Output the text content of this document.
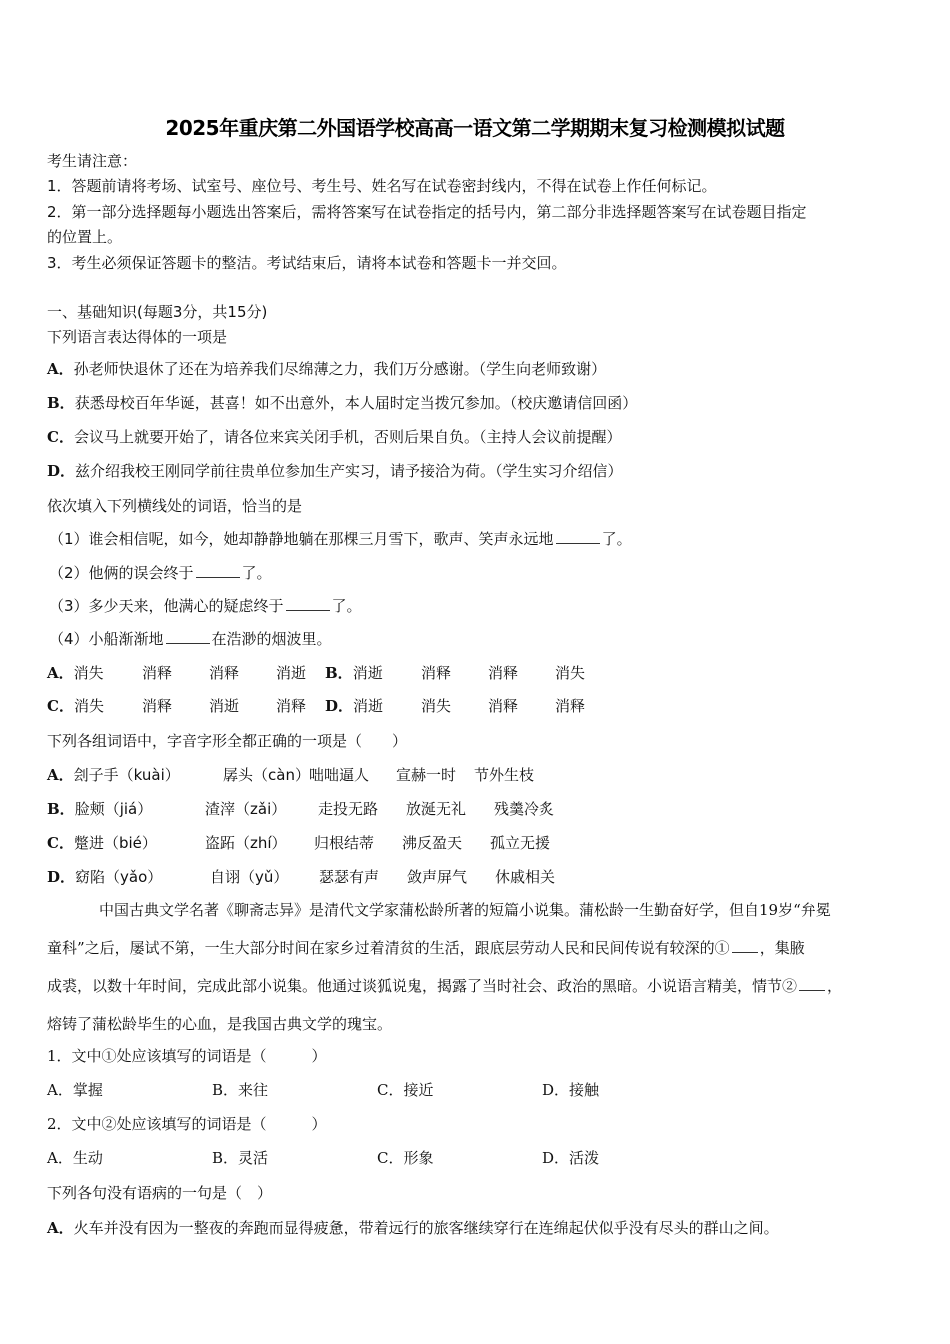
2025年重庆第二外国语学校高高一语文第二学期期末复习检测模拟试题
考生请注意：
1．答题前请将考场、试室号、座位号、考生号、姓名写在试卷密封线内，不得在试卷上作任何标记。
2．第一部分选择题每小题选出答案后，需将答案写在试卷指定的括号内，第二部分非选择题答案写在试卷题目指定
的位置上。
3．考生必须保证答题卡的整洁。考试结束后，请将本试卷和答题卡一并交回。
一、基础知识(每题3分，共15分)
下列语言表达得体的一项是
A．孙老师快退休了还在为培养我们尽绵薄之力，我们万分感谢。（学生向老师致谢）
B．获悉母校百年华诞，甚喜！如不出意外，本人届时定当拨冗参加。（校庆邀请信回函）
C．会议马上就要开始了，请各位来宾关闭手机，否则后果自负。（主持人会议前提醒）
D．兹介绍我校王刚同学前往贵单位参加生产实习，请予接洽为荷。（学生实习介绍信）
依次填入下列横线处的词语，恰当的是
（1）谁会相信呢，如今，她却静静地躺在那棵三月雪下，歌声、笑声永远地	了。
（2）他俩的误会终于	了。
（3）多少天来，他满心的疑虑终于	了。
（4）小船渐渐地	在浩渺的烟波里。
A．消失	消释 消释 消逝 B．消逝	消释 消释 消失
C．消失	消释 消逝 消释 D．消逝	消失 消释 消释
下列各组词语中，字音字形全都正确的一项是（　　）
A．刽子手（kuài）	孱头（càn） 咄咄逼人 宣赫一时 节外生枝
B．脸颊（jiá）	渣滓（zǎi） 走投无路 放涎无礼 残羹冷炙
C．蹩进（bié）	盗跖（zhí） 归根结蒂 沸反盈天 孤立无援
D．窈陷（yǎo）	自诩（yǔ） 瑟瑟有声 敛声屏气 休戚相关
中国古典文学名著《聊斋志异》是清代文学家蒲松龄所著的短篇小说集。蒲松龄一生勤奋好学，但自19岁“弁冕
童科”之后，屡试不第，一生大部分时间在家乡过着清贫的生活，跟底层劳动人民和民间传说有较深的① ，集腋
成裘，以数十年时间，完成此部小说集。他通过谈狐说鬼，揭露了当时社会、政治的黑暗。小说语言精美，情节② ，
熔铸了蒲松龄毕生的心血，是我国古典文学的瑰宝。
1．文中①处应该填写的词语是（　　　）
A．掌握	B．来往	C．接近	D．接触
2．文中②处应该填写的词语是（　　　）
A．生动	B．灵活	C．形象	D．活泼
下列各句没有语病的一句是（　）
A．火车并没有因为一整夜的奔跑而显得疲惫，带着远行的旅客继续穿行在连绵起伏似乎没有尽头的群山之间。
